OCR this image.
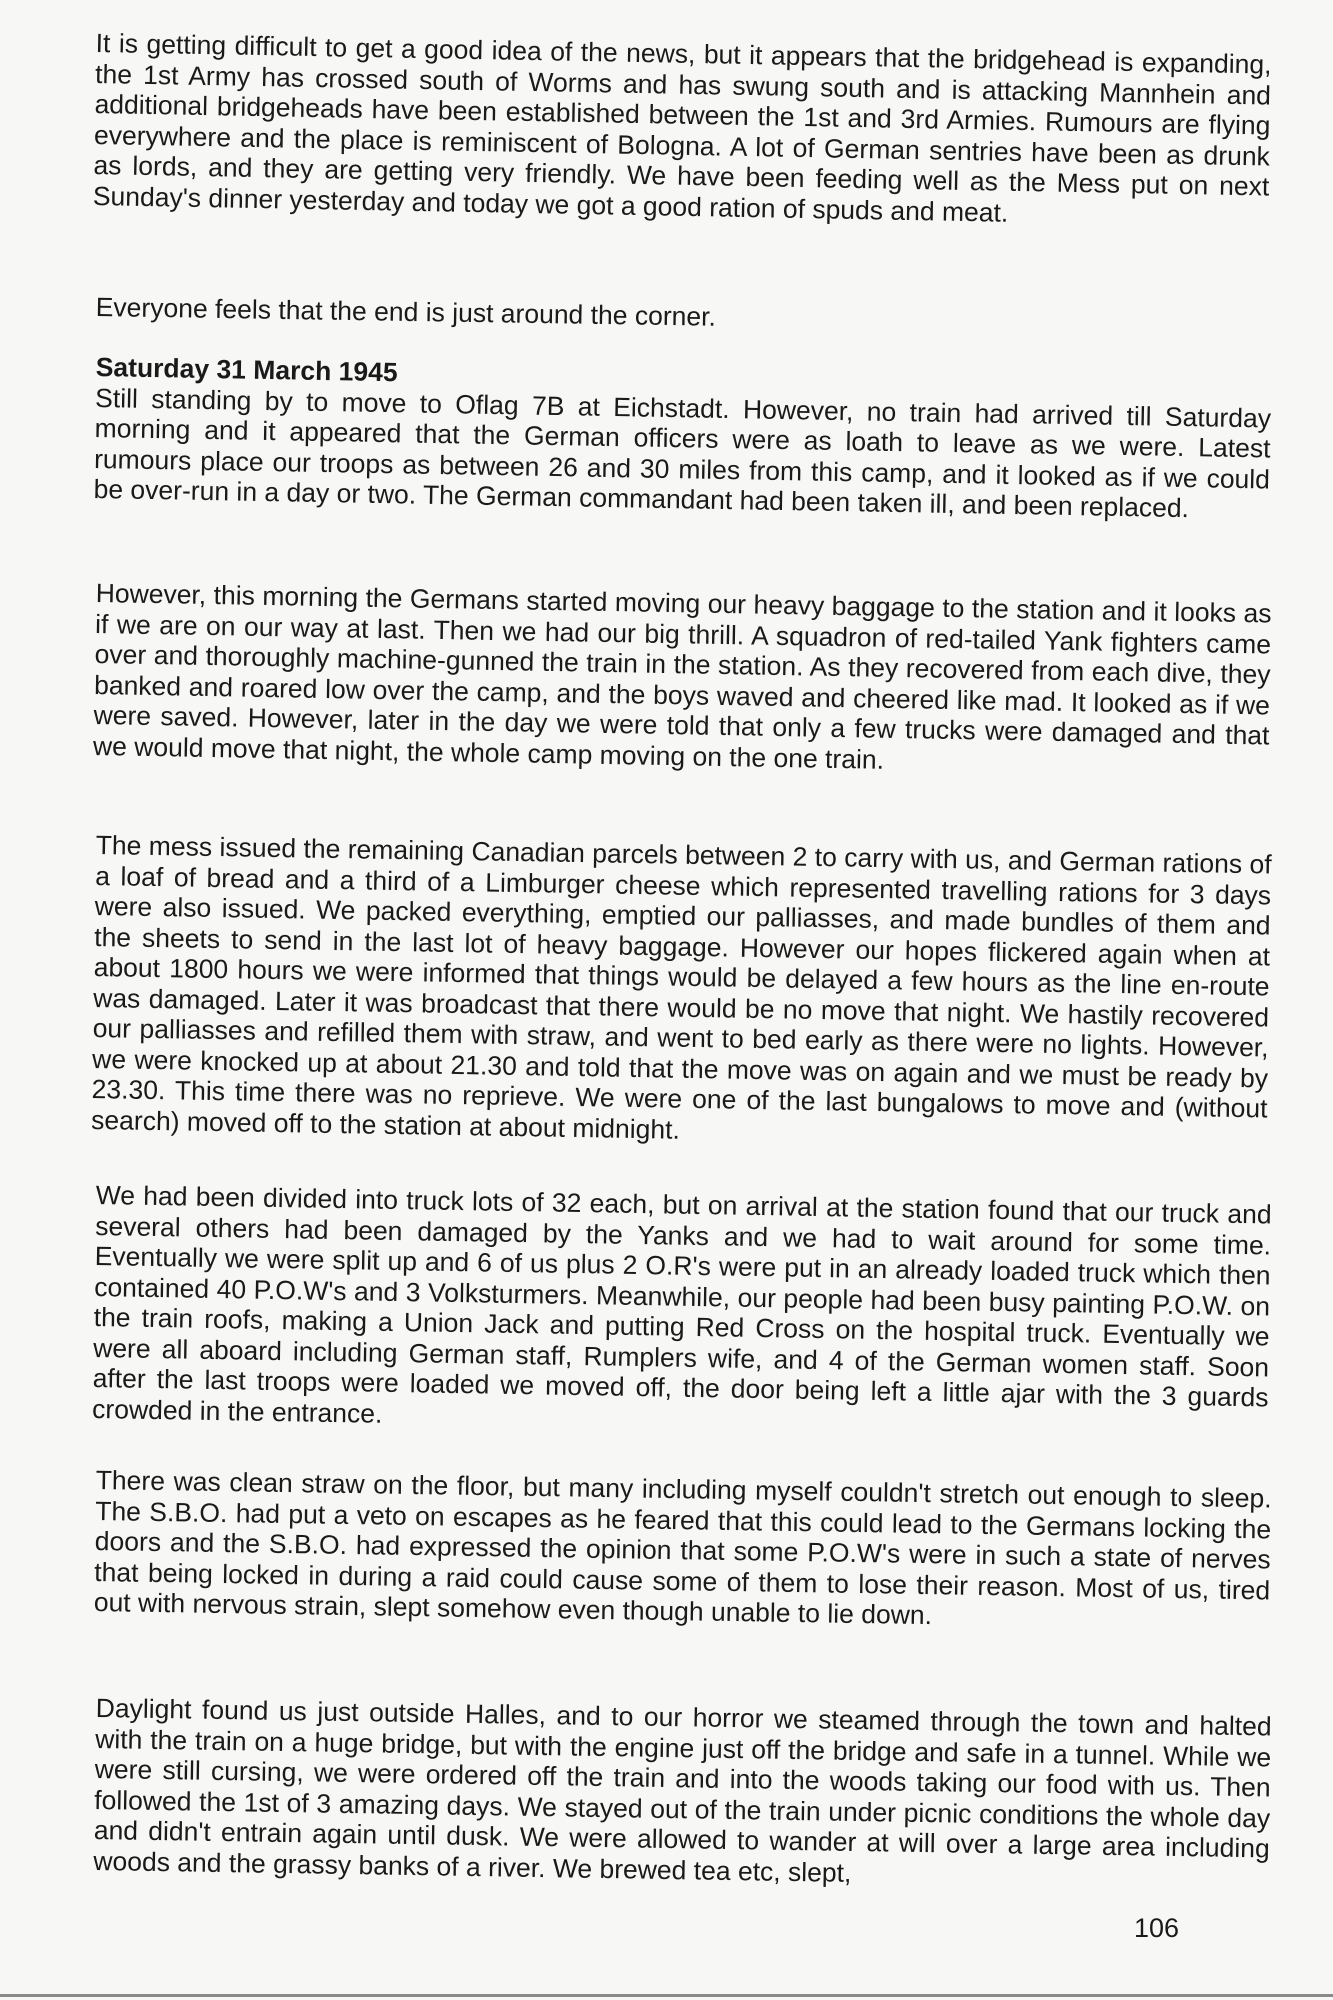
It is getting difficult to get a good idea of the news, but it appears that the bridgehead is expanding, the 1st Army has crossed south of Worms and has swung south and is attacking Mannhein and additional bridgeheads have been established between the 1st and 3rd Armies. Rumours are flying everywhere and the place is reminiscent of Bologna. A lot of German sentries have been as drunk as lords, and they are getting very friendly. We have been feeding well as the Mess put on next Sunday's dinner yesterday and today we got a good ration of spuds and meat.

Everyone feels that the end is just around the corner.

Saturday 31 March 1945

Still standing by to move to Oflag 7B at Eichstadt. However, no train had arrived till Saturday morning and it appeared that the German officers were as loath to leave as we were. Latest rumours place our troops as between 26 and 30 miles from this camp, and it looked as if we could be over-run in a day or two. The German commandant had been taken ill, and been replaced.

However, this morning the Germans started moving our heavy baggage to the station and it looks as if we are on our way at last. Then we had our big thrill. A squadron of red-tailed Yank fighters came over and thoroughly machine-gunned the train in the station. As they recovered from each dive, they banked and roared low over the camp, and the boys waved and cheered like mad. It looked as if we were saved. However, later in the day we were told that only a few trucks were damaged and that we would move that night, the whole camp moving on the one train.

The mess issued the remaining Canadian parcels between 2 to carry with us, and German rations of a loaf of bread and a third of a Limburger cheese which represented travelling rations for 3 days were also issued. We packed everything, emptied our palliasses, and made bundles of them and the sheets to send in the last lot of heavy baggage. However our hopes flickered again when at about 1800 hours we were informed that things would be delayed a few hours as the line en-route was damaged. Later it was broadcast that there would be no move that night. We hastily recovered our palliasses and refilled them with straw, and went to bed early as there were no lights. However, we were knocked up at about 21.30 and told that the move was on again and we must be ready by 23.30. This time there was no reprieve. We were one of the last bungalows to move and (without search) moved off to the station at about midnight.

We had been divided into truck lots of 32 each, but on arrival at the station found that our truck and several others had been damaged by the Yanks and we had to wait around for some time. Eventually we were split up and 6 of us plus 2 O.R's were put in an already loaded truck which then contained 40 P.O.W's and 3 Volksturmers. Meanwhile, our people had been busy painting P.O.W. on the train roofs, making a Union Jack and putting Red Cross on the hospital truck. Eventually we were all aboard including German staff, Rumplers wife, and 4 of the German women staff. Soon after the last troops were loaded we moved off, the door being left a little ajar with the 3 guards crowded in the entrance.

There was clean straw on the floor, but many including myself couldn't stretch out enough to sleep. The S.B.O. had put a veto on escapes as he feared that this could lead to the Germans locking the doors and the S.B.O. had expressed the opinion that some P.O.W's were in such a state of nerves that being locked in during a raid could cause some of them to lose their reason. Most of us, tired out with nervous strain, slept somehow even though unable to lie down.

Daylight found us just outside Halles, and to our horror we steamed through the town and halted with the train on a huge bridge, but with the engine just off the bridge and safe in a tunnel. While we were still cursing, we were ordered off the train and into the woods taking our food with us. Then followed the 1st of 3 amazing days. We stayed out of the train under picnic conditions the whole day and didn't entrain again until dusk. We were allowed to wander at will over a large area including woods and the grassy banks of a river. We brewed tea etc, slept,

106
